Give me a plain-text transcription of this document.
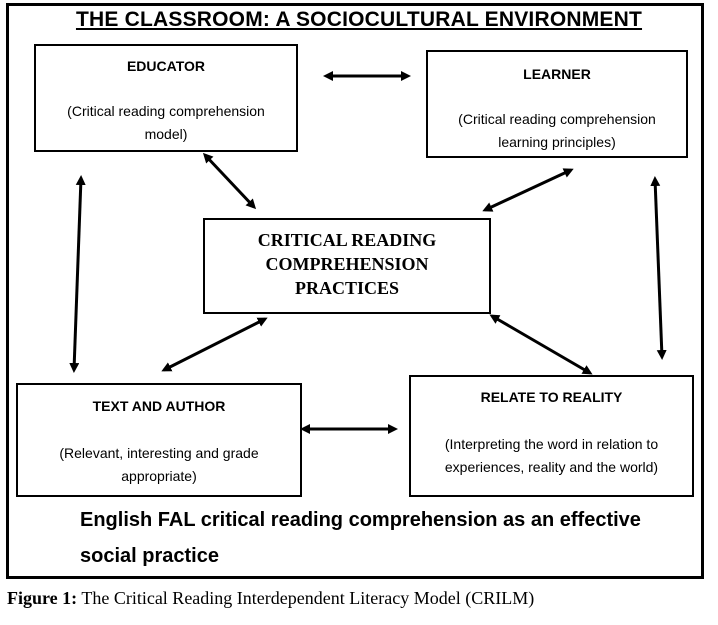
THE CLASSROOM: A SOCIOCULTURAL ENVIRONMENT
EDUCATOR
(Critical reading comprehension
model)
LEARNER
(Critical reading comprehension
learning principles)
CRITICAL READING
COMPREHENSION
PRACTICES
TEXT AND AUTHOR
(Relevant, interesting and grade
appropriate)
RELATE TO REALITY
(Interpreting the word in relation to
experiences, reality and the world)
English FAL critical reading comprehension as an effective
social practice
Figure 1: The Critical Reading Interdependent Literacy Model (CRILM)
